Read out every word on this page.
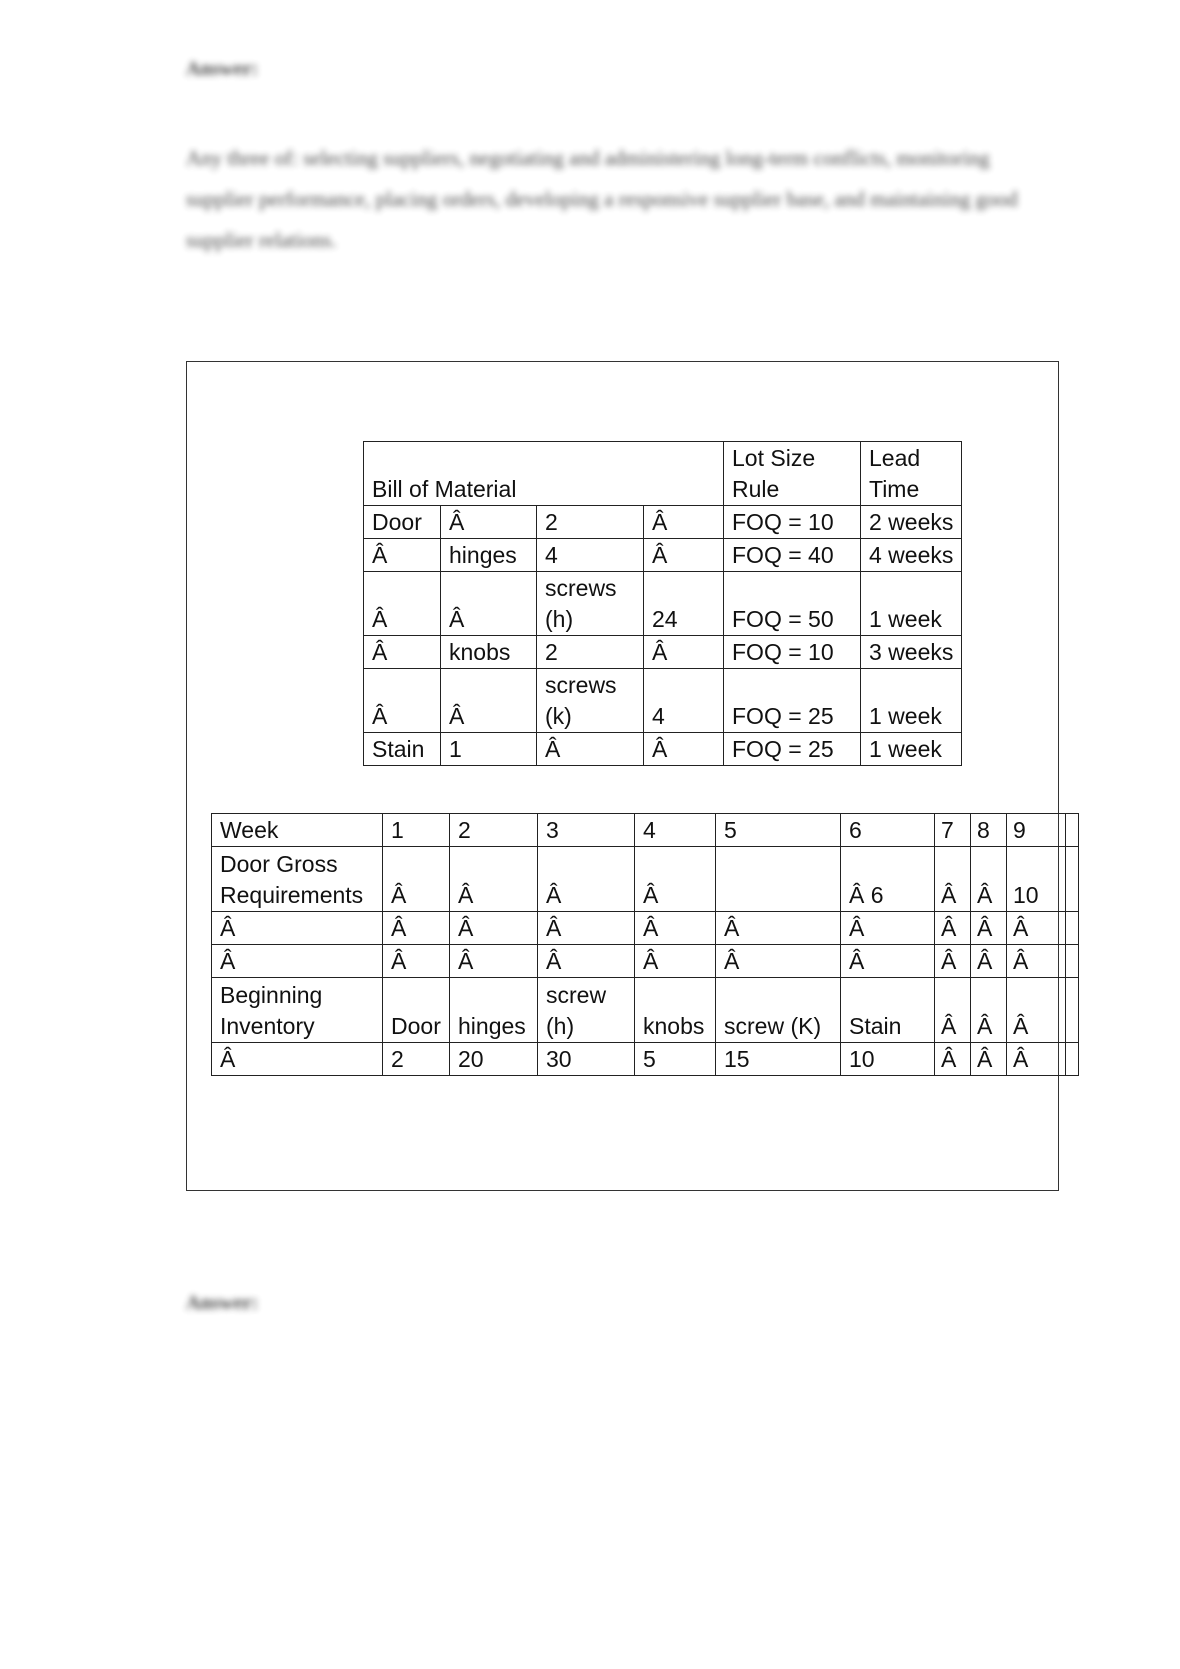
Answer:
Any three of: selecting suppliers, negotiating and administering long-term conflicts, monitoring supplier performance, placing orders, developing a responsive supplier base, and maintaining good supplier relations.
Bill of Material				Lot Size Rule	Lead Time
Door	Â	2	Â	FOQ = 10	2 weeks
Â	hinges	4	Â	FOQ = 40	4 weeks
Â	Â	screws (h)	24	FOQ = 50	1 week
Â	knobs	2	Â	FOQ = 10	3 weeks
Â	Â	screws (k)	4	FOQ = 25	1 week
Stain	1	Â	Â	FOQ = 25	1 week
Week	1	2	3	4	5	6	7	8	9	
Door Gross Requirements	Â	Â	Â	Â		Â 6	Â	Â	10	
Â	Â	Â	Â	Â	Â	Â	Â	Â	Â	
Â	Â	Â	Â	Â	Â	Â	Â	Â	Â	
Beginning Inventory	Door	hinges	screw (h)	knobs	screw (K)	Stain	Â	Â	Â	
Â	2	20	30	5	15	10	Â	Â	Â	
Answer:
